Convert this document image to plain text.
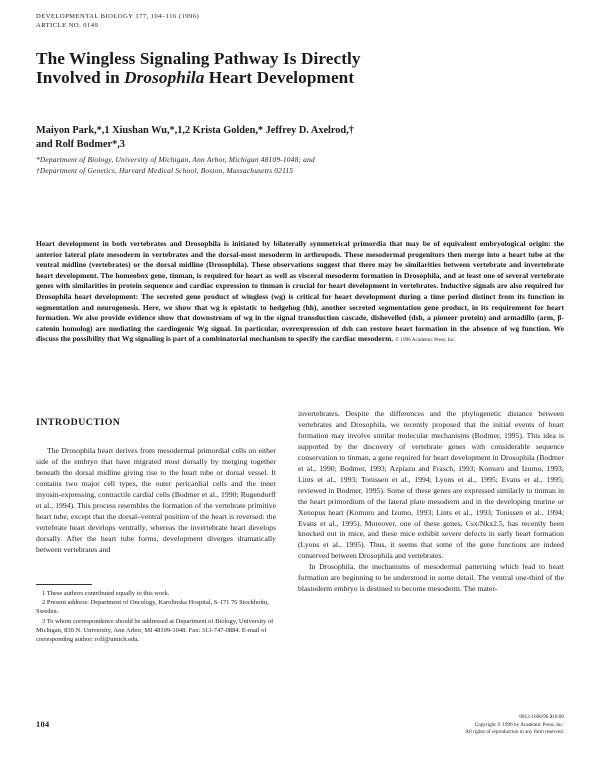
DEVELOPMENTAL BIOLOGY 177, 104–116 (1996)
ARTICLE NO. 0149
The Wingless Signaling Pathway Is Directly
Involved in Drosophila Heart Development
Maiyon Park,*,1 Xiushan Wu,*,1,2 Krista Golden,* Jeffrey D. Axelrod,†
and Rolf Bodmer*,3
*Department of Biology, University of Michigan, Ann Arbor, Michigan 48109-1048; and
†Department of Genetics, Harvard Medical School, Boston, Massachusetts 02115
Heart development in both vertebrates and Drosophila is initiated by bilaterally symmetrical primordia that may be of equivalent embryological origin: the anterior lateral plate mesoderm in vertebrates and the dorsal-most mesoderm in arthropods. These mesodermal progenitors then merge into a heart tube at the ventral midline (vertebrates) or the dorsal midline (Drosophila). These observations suggest that there may be similarities between vertebrate and invertebrate heart development. The homeobox gene, tinman, is required for heart as well as visceral mesoderm formation in Drosophila, and at least one of several vertebrate genes with similarities in protein sequence and cardiac expression to tinman is crucial for heart development in vertebrates. Inductive signals are also required for Drosophila heart development: The secreted gene product of wingless (wg) is critical for heart development during a time period distinct from its function in segmentation and neurogenesis. Here, we show that wg is epistatic to hedgehog (hh), another secreted segmentation gene product, in its requirement for heart formation. We also provide evidence show that downstream of wg in the signal transduction cascade, dishevelled (dsh, a pioneer protein) and armadillo (arm, β-catenin homolog) are mediating the cardiogenic Wg signal. In particular, overexpression of dsh can restore heart formation in the absence of wg function. We discuss the possibility that Wg signaling is part of a combinatorial mechanism to specify the cardiac mesoderm. © 1996 Academic Press, Inc.
INTRODUCTION

The Drosophila heart derives from mesodermal primordial cells on either side of the embryo that have migrated most dorsally by merging together beneath the dorsal midline giving rise to the heart tube or dorsal vessel. It contains two major cell types, the outer pericardial cells and the inner myosin-expressing, contractile cardial cells (Bodmer et al., 1990; Rugendorff et al., 1994). This process resembles the formation of the vertebrate primitive heart tube, except that the dorsal–ventral position of the heart is reversed: the vertebrate heart develops ventrally, whereas the invertebrate heart develops dorsally. After the heart tube forms, development diverges dramatically between vertebrates and

invertebrates. Despite the differences and the phylogenetic distance between vertebrates and Drosophila, we recently proposed that the initial events of heart formation may involve similar molecular mechanisms (Bodmer, 1995). This idea is supported by the discovery of vertebrate genes with considerable sequence conservation to tinman, a gene required for heart development in Drosophila (Bodmer et al., 1990; Bodmer, 1993; Azpiazu and Frasch, 1993; Komuro and Izumo, 1993; Lints et al., 1993; Tonissen et al., 1994; Lyons et al., 1995; Evans et al., 1995; reviewed in Bodmer, 1995). Some of these genes are expressed similarly to tinman in the heart primordium of the lateral plate mesoderm and in the developing murine or Xenopus heart (Komuro and Izumo, 1993; Lints et al., 1993; Tonissen et al., 1994; Evans et al., 1995). Moreover, one of these genes, Csx/Nkx2.5, has recently been knocked out in mice, and these mice exhibit severe defects in early heart formation (Lyons et al., 1995). Thus, it seems that some of the gene functions are indeed conserved between Drosophila and vertebrates.

In Drosophila, the mechanisms of mesodermal patterning which lead to heart formation are beginning to be understood in some detail. The ventral one-third of the blastoderm embryo is destined to become mesoderm. The mater-

1 These authors contributed equally to this work.

2 Present address: Department of Oncology, Karolinska Hospital, S-171 76 Stockholm, Sweden.

3 To whom correspondence should be addressed at Department of Biology, University of Michigan, 830 N. University, Ann Arbor, MI 48109-1048. Fax: 313-747-0884. E-mail of corresponding author: rolf@umich.edu.

104
0012-1606/96 $18.00
Copyright © 1996 by Academic Press, Inc.
All rights of reproduction in any form reserved.
